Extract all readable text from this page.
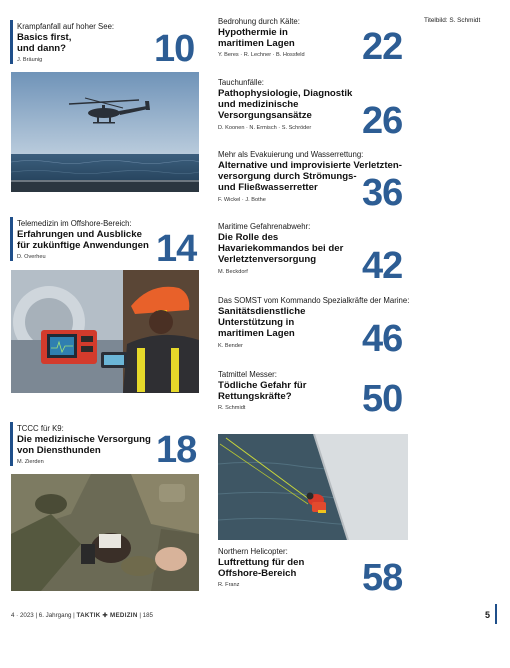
Titelbild: S. Schmidt
Krampfanfall auf hoher See:
Basics first,
und dann?
J. Bräunig	10
Telemedizin im Offshore-Bereich:
Erfahrungen und Ausblicke
für zukünftige Anwendungen
D. Overheu	14
TCCC für K9:
Die medizinische Versorgung
von Diensthunden
M. Zierden	18
Bedrohung durch Kälte:
Hypothermie in
maritimen Lagen
Y. Beres · R. Lechner · B. Hossfeld	22
Tauchunfälle:
Pathophysiologie, Diagnostik
und medizinische
Versorgungsansätze
D. Koonen · N. Ermisch · S. Schröder	26
Mehr als Evakuierung und Wasserrettung:
Alternative und improvisierte Verletzten-
versorgung durch Strömungs-
und Fließwasserretter
F. Wickel · J. Bothe	36
Maritime Gefahrenabwehr:
Die Rolle des
Havariekommandos bei der
Verletztenversorgung
M. Beckdorf	42
Das SOMST vom Kommando Spezialkräfte der Marine:
Sanitätsdienstliche
Unterstützung in
maritimen Lagen
K. Bender	46
Tatmittel Messer:
Tödliche Gefahr für
Rettungskräfte?
R. Schmidt	50
Northern Helicopter:
Luftrettung für den
Offshore-Bereich
R. Franz	58
4 · 2023 | 6. Jahrgang | TAKTIK ✚ MEDIZIN | 185	5
